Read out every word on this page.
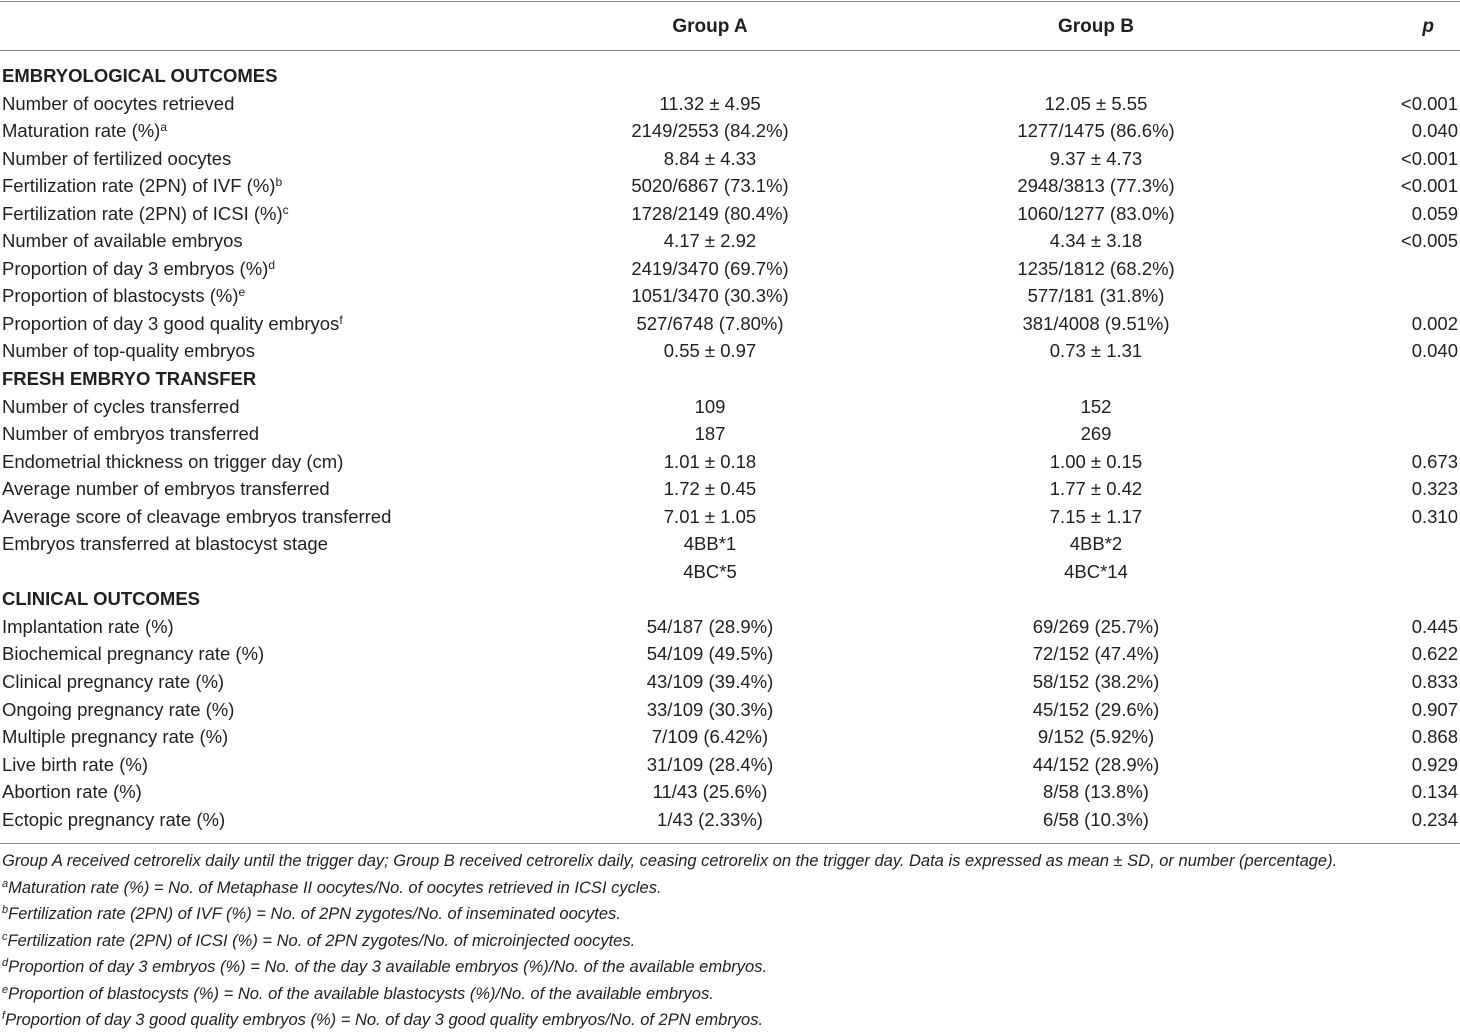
Group A	Group B	p
EMBRYOLOGICAL OUTCOMES
Number of oocytes retrieved	11.32 ± 4.95	12.05 ± 5.55	<0.001
Maturation rate (%)$^a$	2149/2553 (84.2%)	1277/1475 (86.6%)	0.040
Number of fertilized oocytes	8.84 ± 4.33	9.37 ± 4.73	<0.001
Fertilization rate (2PN) of IVF (%)$^b$	5020/6867 (73.1%)	2948/3813 (77.3%)	<0.001
Fertilization rate (2PN) of ICSI (%)$^c$	1728/2149 (80.4%)	1060/1277 (83.0%)	0.059
Number of available embryos	4.17 ± 2.92	4.34 ± 3.18	<0.005
Proportion of day 3 embryos (%)$^d$	2419/3470 (69.7%)	1235/1812 (68.2%)
Proportion of blastocysts (%)$^e$	1051/3470 (30.3%)	577/181 (31.8%)
Proportion of day 3 good quality embryos$^f$	527/6748 (7.80%)	381/4008 (9.51%)	0.002
Number of top-quality embryos	0.55 ± 0.97	0.73 ± 1.31	0.040
FRESH EMBRYO TRANSFER
Number of cycles transferred	109	152
Number of embryos transferred	187	269
Endometrial thickness on trigger day (cm)	1.01 ± 0.18	1.00 ± 0.15	0.673
Average number of embryos transferred	1.72 ± 0.45	1.77 ± 0.42	0.323
Average score of cleavage embryos transferred	7.01 ± 1.05	7.15 ± 1.17	0.310
Embryos transferred at blastocyst stage	4BB*1	4BB*2
4BC*5	4BC*14
CLINICAL OUTCOMES
Implantation rate (%)	54/187 (28.9%)	69/269 (25.7%)	0.445
Biochemical pregnancy rate (%)	54/109 (49.5%)	72/152 (47.4%)	0.622
Clinical pregnancy rate (%)	43/109 (39.4%)	58/152 (38.2%)	0.833
Ongoing pregnancy rate (%)	33/109 (30.3%)	45/152 (29.6%)	0.907
Multiple pregnancy rate (%)	7/109 (6.42%)	9/152 (5.92%)	0.868
Live birth rate (%)	31/109 (28.4%)	44/152 (28.9%)	0.929
Abortion rate (%)	11/43 (25.6%)	8/58 (13.8%)	0.134
Ectopic pregnancy rate (%)	1/43 (2.33%)	6/58 (10.3%)	0.234
Group A received cetrorelix daily until the trigger day; Group B received cetrorelix daily, ceasing cetrorelix on the trigger day. Data is expressed as mean ± SD, or number (percentage).
$^a$Maturation rate (%) = No. of Metaphase II oocytes/No. of oocytes retrieved in ICSI cycles.
$^b$Fertilization rate (2PN) of IVF (%) = No. of 2PN zygotes/No. of inseminated oocytes.
$^c$Fertilization rate (2PN) of ICSI (%) = No. of 2PN zygotes/No. of microinjected oocytes.
$^d$Proportion of day 3 embryos (%) = No. of the day 3 available embryos (%)/No. of the available embryos.
$^e$Proportion of blastocysts (%) = No. of the available blastocysts (%)/No. of the available embryos.
$^f$Proportion of day 3 good quality embryos (%) = No. of day 3 good quality embryos/No. of 2PN embryos.
